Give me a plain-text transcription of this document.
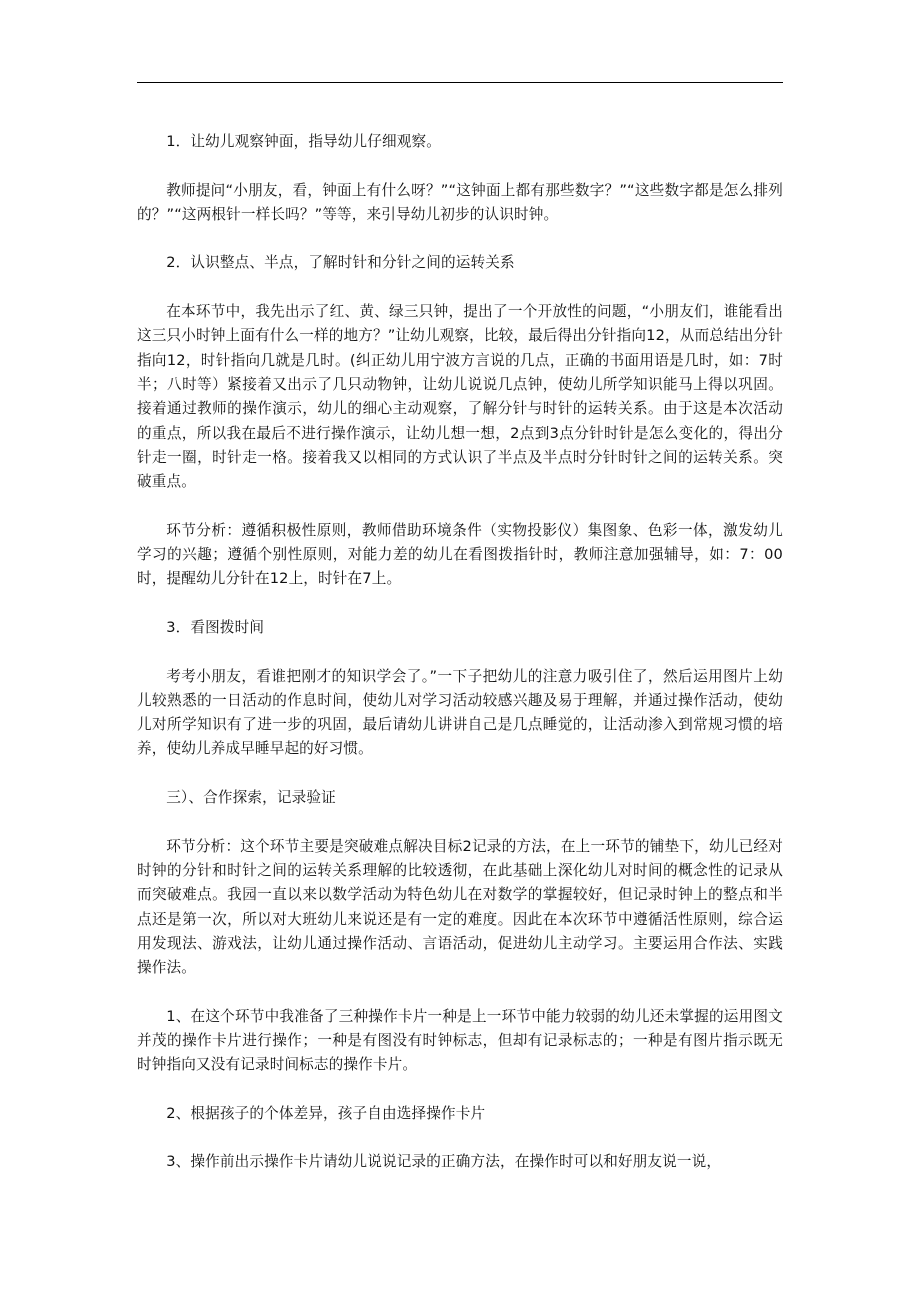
1．让幼儿观察钟面，指导幼儿仔细观察。

教师提问“小朋友，看，钟面上有什么呀？”“这钟面上都有那些数字？”“这些数字都是怎么排列的？”“这两根针一样长吗？”等等，来引导幼儿初步的认识时钟。

2．认识整点、半点，了解时针和分针之间的运转关系

在本环节中，我先出示了红、黄、绿三只钟，提出了一个开放性的问题，“小朋友们，谁能看出这三只小时钟上面有什么一样的地方？”让幼儿观察，比较，最后得出分针指向12，从而总结出分针指向12，时针指向几就是几时。(纠正幼儿用宁波方言说的几点，正确的书面用语是几时，如：7时半；八时等）紧接着又出示了几只动物钟，让幼儿说说几点钟，使幼儿所学知识能马上得以巩固。接着通过教师的操作演示，幼儿的细心主动观察，了解分针与时针的运转关系。由于这是本次活动的重点，所以我在最后不进行操作演示，让幼儿想一想，2点到3点分针时针是怎么变化的，得出分针走一圈，时针走一格。接着我又以相同的方式认识了半点及半点时分针时针之间的运转关系。突破重点。

环节分析：遵循积极性原则，教师借助环境条件（实物投影仪）集图象、色彩一体，激发幼儿学习的兴趣；遵循个别性原则，对能力差的幼儿在看图拨指针时，教师注意加强辅导，如：7：00时，提醒幼儿分针在12上，时针在7上。

3．看图拨时间

考考小朋友，看谁把刚才的知识学会了。”一下子把幼儿的注意力吸引住了，然后运用图片上幼儿较熟悉的一日活动的作息时间，使幼儿对学习活动较感兴趣及易于理解，并通过操作活动，使幼儿对所学知识有了进一步的巩固，最后请幼儿讲讲自己是几点睡觉的，让活动渗入到常规习惯的培养，使幼儿养成早睡早起的好习惯。

三）、合作探索，记录验证

环节分析：这个环节主要是突破难点解决目标2记录的方法，在上一环节的铺垫下，幼儿已经对时钟的分针和时针之间的运转关系理解的比较透彻，在此基础上深化幼儿对时间的概念性的记录从而突破难点。我园一直以来以数学活动为特色幼儿在对数学的掌握较好，但记录时钟上的整点和半点还是第一次，所以对大班幼儿来说还是有一定的难度。因此在本次环节中遵循活性原则，综合运用发现法、游戏法，让幼儿通过操作活动、言语活动，促进幼儿主动学习。主要运用合作法、实践操作法。

1、在这个环节中我准备了三种操作卡片一种是上一环节中能力较弱的幼儿还未掌握的运用图文并茂的操作卡片进行操作；一种是有图没有时钟标志，但却有记录标志的；一种是有图片指示既无时钟指向又没有记录时间标志的操作卡片。

2、根据孩子的个体差异，孩子自由选择操作卡片

3、操作前出示操作卡片请幼儿说说记录的正确方法，在操作时可以和好朋友说一说，
